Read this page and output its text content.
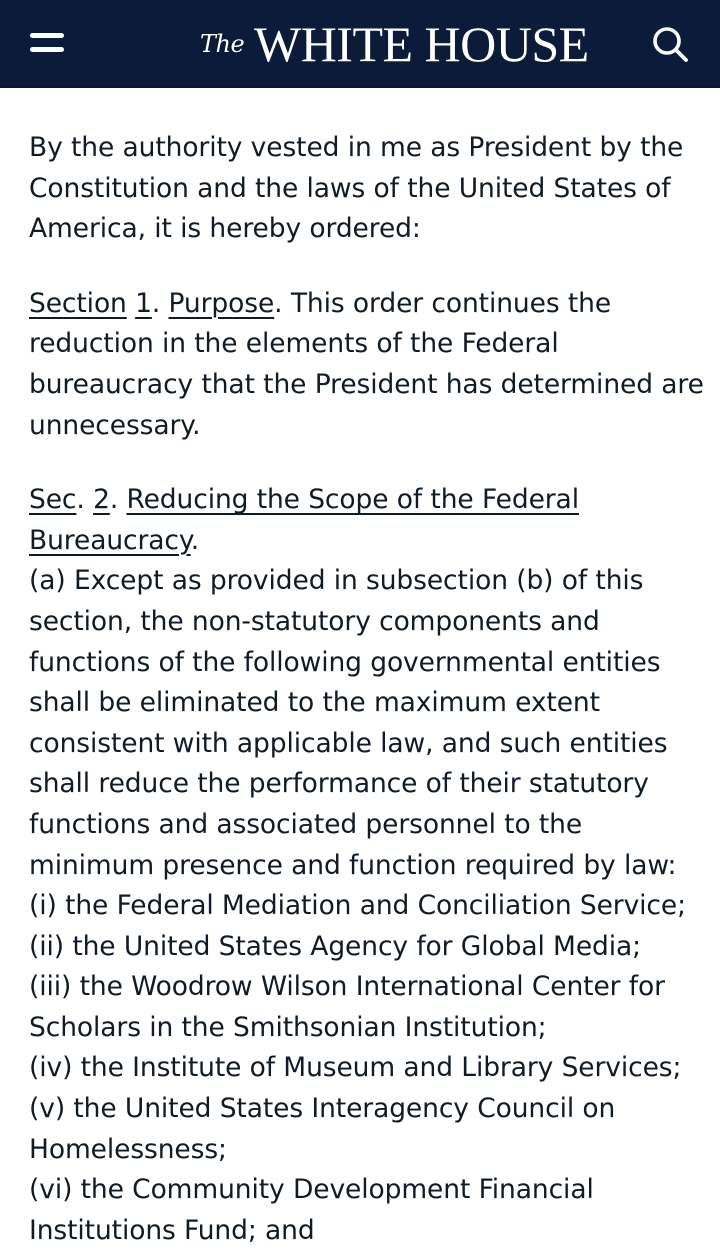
The WHITE HOUSE

By the authority vested in me as President by the Constitution and the laws of the United States of America, it is hereby ordered:

Section 1. Purpose. This order continues the reduction in the elements of the Federal bureaucracy that the President has determined are unnecessary.

Sec. 2. Reducing the Scope of the Federal Bureaucracy.

(a) Except as provided in subsection (b) of this section, the non-statutory components and functions of the following governmental entities shall be eliminated to the maximum extent consistent with applicable law, and such entities shall reduce the performance of their statutory functions and associated personnel to the minimum presence and function required by law:

(i) the Federal Mediation and Conciliation Service;

(ii) the United States Agency for Global Media;

(iii) the Woodrow Wilson International Center for Scholars in the Smithsonian Institution;

(iv) the Institute of Museum and Library Services;

(v) the United States Interagency Council on Homelessness;

(vi) the Community Development Financial Institutions Fund; and
